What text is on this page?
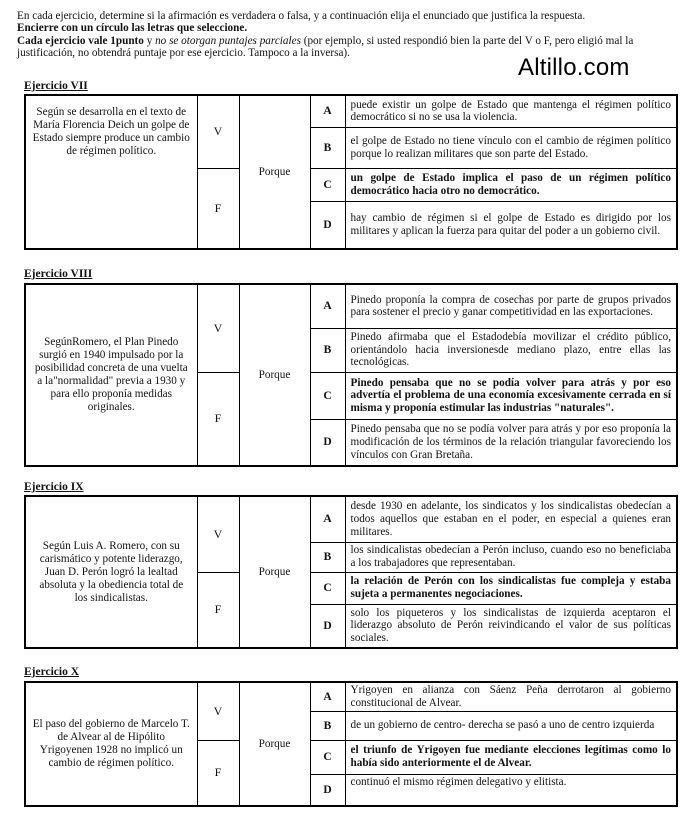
En cada ejercicio, determine si la afirmación es verdadera o falsa, y a continuación elija el enunciado que justifica la respuesta.

Encierre con un círculo las letras que seleccione.

Cada ejercicio vale 1punto y no se otorgan puntajes parciales (por ejemplo, si usted respondió bien la parte del V o F, pero eligió mal la justificación, no obtendrá puntaje por ese ejercicio. Tampoco a la inversa).

Altillo.com
Ejercicio VII
Según se desarrolla en el texto de María Florencia Deich un golpe de Estado siempre produce un cambio de régimen político.	V	Porque	A	puede existir un golpe de Estado que mantenga el régimen político democrático si no se usa la violencia.
			B	el golpe de Estado no tiene vínculo con el cambio de régimen político porque lo realizan militares que son parte del Estado.
	F		C	un golpe de Estado implica el paso de un régimen político democrático hacia otro no democrático.
			D	hay cambio de régimen si el golpe de Estado es dirigido por los militares y aplican la fuerza para quitar del poder a un gobierno civil.
Ejercicio VIII
SegúnRomero, el Plan Pinedo surgió en 1940 impulsado por la posibilidad concreta de una vuelta a la"normalidad" previa a 1930 y para ello proponía medidas originales.	V	Porque	A	Pinedo proponía la compra de cosechas por parte de grupos privados para sostener el precio y ganar competitividad en las exportaciones.
			B	Pinedo afirmaba que el Estadodebía movilizar el crédito público, orientándolo hacia inversionesde mediano plazo, entre ellas las tecnológicas.
	F		C	Pinedo pensaba que no se podía volver para atrás y por eso advertía el problema de una economía excesivamente cerrada en sí misma y proponía estimular las industrias "naturales".
			D	Pinedo pensaba que no se podía volver para atrás y por eso proponía la modificación de los términos de la relación triangular favoreciendo los vínculos con Gran Bretaña.
Ejercicio IX
Según Luis A. Romero, con su carismático y potente liderazgo, Juan D. Perón logró la lealtad absoluta y la obediencia total de los sindicalistas.	V	Porque	A	desde 1930 en adelante, los sindicatos y los sindicalistas obedecían a todos aquellos que estaban en el poder, en especial a quienes eran militares.
			B	los sindicalistas obedecían a Perón incluso, cuando eso no beneficiaba a los trabajadores que representaban.
	F		C	la relación de Perón con los sindicalistas fue compleja y estaba sujeta a permanentes negociaciones.
			D	solo los piqueteros y los sindicalistas de izquierda aceptaron el liderazgo absoluto de Perón reivindicando el valor de sus políticas sociales.
Ejercicio X
El paso del gobierno de Marcelo T. de Alvear al de Hipólito Yrigoyenen 1928 no implicó un cambio de régimen político.	V	Porque	A	Yrigoyen en alianza con Sáenz Peña derrotaron al gobierno constitucional de Alvear.
			B	de un gobierno de centro- derecha se pasó a uno de centro izquierda
	F		C	el triunfo de Yrigoyen fue mediante elecciones legítimas como lo había sido anteriormente el de Alvear.
			D	continuó el mismo régimen delegativo y elitista.
